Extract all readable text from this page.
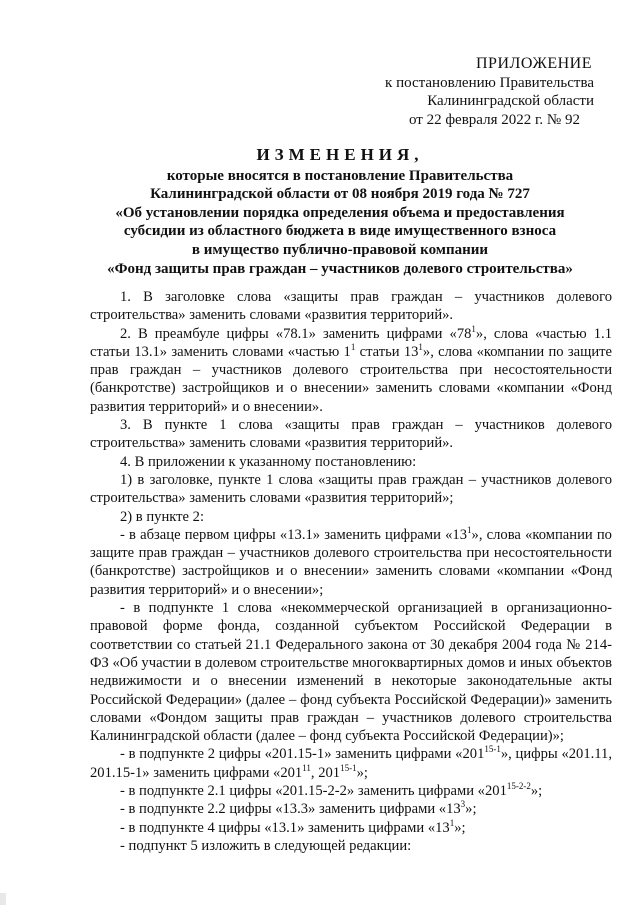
ПРИЛОЖЕНИЕ
к постановлению Правительства
Калининградской области
от 22 февраля 2022 г. № 92
ИЗМЕНЕНИЯ,
которые вносятся в постановление Правительства
Калининградской области от 08 ноября 2019 года № 727
«Об установлении порядка определения объема и предоставления
субсидии из областного бюджета в виде имущественного взноса
в имущество публично-правовой компании
«Фонд защиты прав граждан – участников долевого строительства»

1. В заголовке слова «защиты прав граждан – участников долевого строительства» заменить словами «развития территорий».

2. В преамбуле цифры «78.1» заменить цифрами «$78^1$», слова «частью 1.1 статьи 13.1» заменить словами «частью $1^1$ статьи $13^1$», слова «компании по защите прав граждан – участников долевого строительства при несостоятельности (банкротстве) застройщиков и о внесении» заменить словами «компании «Фонд развития территорий» и о внесении».

3. В пункте 1 слова «защиты прав граждан – участников долевого строительства» заменить словами «развития территорий».

4. В приложении к указанному постановлению:

1) в заголовке, пункте 1 слова «защиты прав граждан – участников долевого строительства» заменить словами «развития территорий»;

2) в пункте 2:

- в абзаце первом цифры «13.1» заменить цифрами «$13^1$», слова «компании по защите прав граждан – участников долевого строительства при несостоятельности (банкротстве) застройщиков и о внесении» заменить словами «компании «Фонд развития территорий» и о внесении»;

- в подпункте 1 слова «некоммерческой организацией в организационно-правовой форме фонда, созданной субъектом Российской Федерации в соответствии со статьей 21.1 Федерального закона от 30 декабря 2004 года № 214-ФЗ «Об участии в долевом строительстве многоквартирных домов и иных объектов недвижимости и о внесении изменений в некоторые законодательные акты Российской Федерации» (далее – фонд субъекта Российской Федерации)» заменить словами «Фондом защиты прав граждан – участников долевого строительства Калининградской области (далее – фонд субъекта Российской Федерации)»;

- в подпункте 2 цифры «201.15-1» заменить цифрами «201$^{15-1}$», цифры «201.11, 201.15-1» заменить цифрами «$201^{11}$, 201$^{15-1}$»;

- в подпункте 2.1 цифры «201.15-2-2» заменить цифрами «201$^{15-2-2}$»;

- в подпункте 2.2 цифры «13.3» заменить цифрами «$13^3$»;

- в подпункте 4 цифры «13.1» заменить цифрами «$13^1$»;

- подпункт 5 изложить в следующей редакции:
